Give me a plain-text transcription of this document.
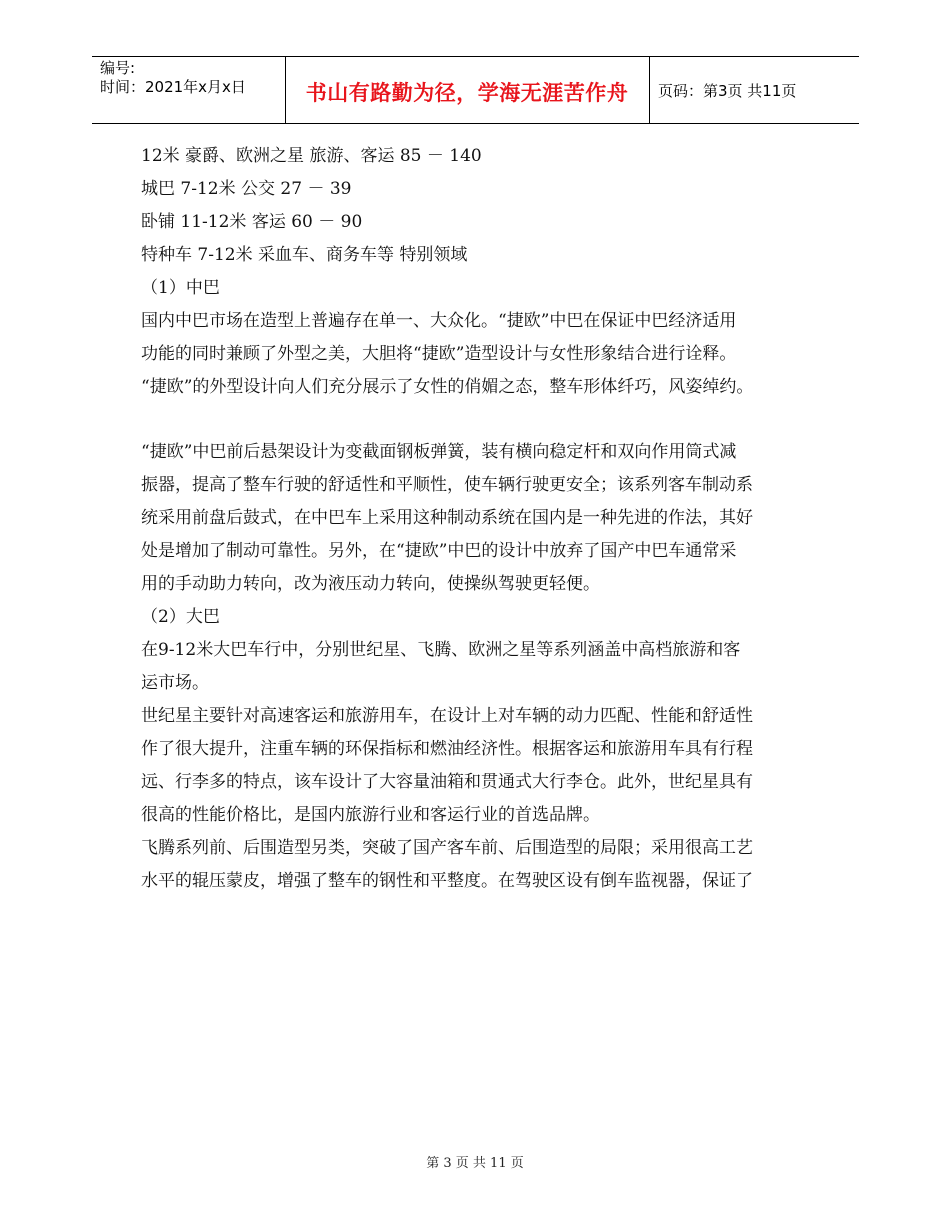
编号:
时间：2021年x月x日	书山有路勤为径，学海无涯苦作舟	页码：第3页 共11页

12米 豪爵、欧洲之星 旅游、客运 85 － 140

城巴 7-12米 公交 27 － 39

卧铺 11-12米 客运 60 － 90

特种车 7-12米 采血车、商务车等 特别领域

（1）中巴

国内中巴市场在造型上普遍存在单一、大众化。“捷欧”中巴在保证中巴经济适用

功能的同时兼顾了外型之美，大胆将“捷欧”造型设计与女性形象结合进行诠释。

“捷欧”的外型设计向人们充分展示了女性的俏媚之态，整车形体纤巧，风姿绰约。

“捷欧”中巴前后悬架设计为变截面钢板弹簧，装有横向稳定杆和双向作用筒式减

振器，提高了整车行驶的舒适性和平顺性，使车辆行驶更安全；该系列客车制动系

统采用前盘后鼓式，在中巴车上采用这种制动系统在国内是一种先进的作法，其好

处是增加了制动可靠性。另外，在“捷欧”中巴的设计中放弃了国产中巴车通常采

用的手动助力转向，改为液压动力转向，使操纵驾驶更轻便。

（2）大巴

在9-12米大巴车行中，分别世纪星、飞腾、欧洲之星等系列涵盖中高档旅游和客

运市场。

世纪星主要针对高速客运和旅游用车，在设计上对车辆的动力匹配、性能和舒适性

作了很大提升，注重车辆的环保指标和燃油经济性。根据客运和旅游用车具有行程

远、行李多的特点，该车设计了大容量油箱和贯通式大行李仓。此外，世纪星具有

很高的性能价格比，是国内旅游行业和客运行业的首选品牌。

飞腾系列前、后围造型另类，突破了国产客车前、后围造型的局限；采用很高工艺

水平的辊压蒙皮，增强了整车的钢性和平整度。在驾驶区设有倒车监视器，保证了

第 3 页 共 11 页
